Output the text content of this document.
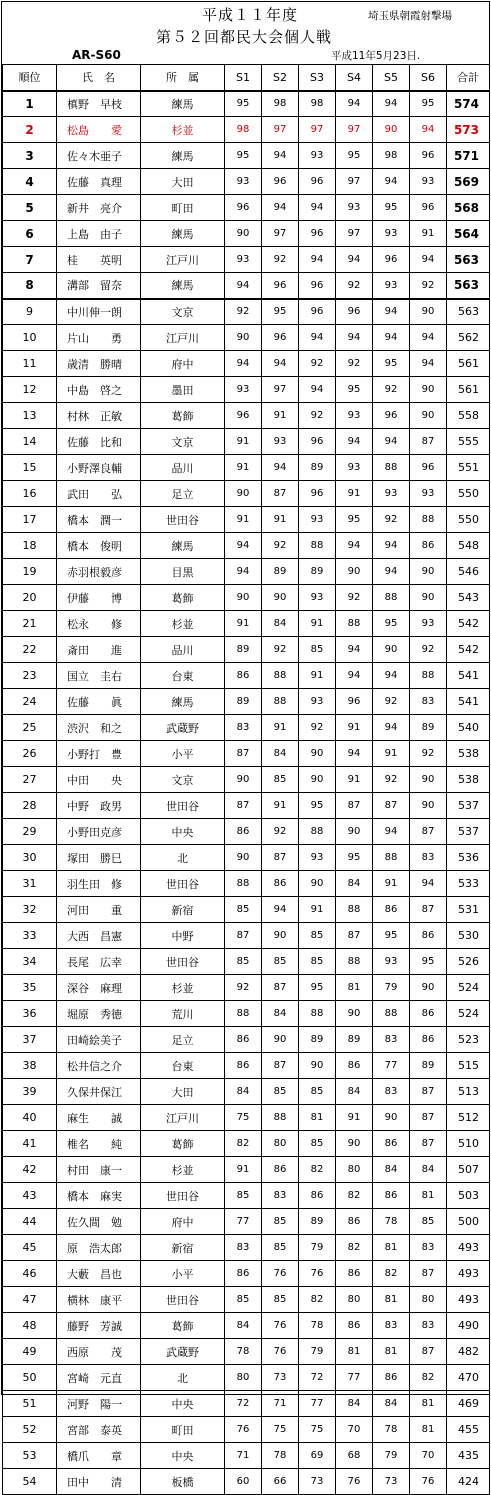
平成１１年度	埼玉県朝霞射撃場
第５２回都民大会個人戦
AR-S60	平成11年5月23日.
順位	氏　名	所　属	S1	S2	S3	S4	S5	S6	合計
1	槙野　早枝	練馬	95	98	98	94	94	95	574
2	松島　　愛	杉並	98	97	97	97	90	94	573
3	佐々木亜子	練馬	95	94	93	95	98	96	571
4	佐藤　真理	大田	93	96	96	97	94	93	569
5	新井　亮介	町田	96	94	94	93	95	96	568
6	上島　由子	練馬	90	97	96	97	93	91	564
7	桂　　英明	江戸川	93	92	94	94	96	94	563
8	溝部　留奈	練馬	94	96	96	92	93	92	563
9	中川伸一朗	文京	92	95	96	96	94	90	563
10	片山　　勇	江戸川	90	96	94	94	94	94	562
11	歳清　勝晴	府中	94	94	92	92	95	94	561
12	中島　啓之	墨田	93	97	94	95	92	90	561
13	村林　正敏	葛飾	96	91	92	93	96	90	558
14	佐藤　比和	文京	91	93	96	94	94	87	555
15	小野澤良輔	品川	91	94	89	93	88	96	551
16	武田　　弘	足立	90	87	96	91	93	93	550
17	橋本　潤一	世田谷	91	91	93	95	92	88	550
18	橋本　俊明	練馬	94	92	88	94	94	86	548
19	赤羽根毅彦	目黒	94	89	89	90	94	90	546
20	伊藤　　博	葛飾	90	90	93	92	88	90	543
21	松永　　修	杉並	91	84	91	88	95	93	542
22	斎田　　進	品川	89	92	85	94	90	92	542
23	国立　圭右	台東	86	88	91	94	94	88	541
24	佐藤　　眞	練馬	89	88	93	96	92	83	541
25	渋沢　和之	武蔵野	83	91	92	91	94	89	540
26	小野打　豊	小平	87	84	90	94	91	92	538
27	中田　　央	文京	90	85	90	91	92	90	538
28	中野　政男	世田谷	87	91	95	87	87	90	537
29	小野田克彦	中央	86	92	88	90	94	87	537
30	塚田　勝巳	北	90	87	93	95	88	83	536
31	羽生田　修	世田谷	88	86	90	84	91	94	533
32	河田　　重	新宿	85	94	91	88	86	87	531
33	大西　昌憲	中野	87	90	85	87	95	86	530
34	長尾　広幸	世田谷	85	85	85	88	93	95	526
35	深谷　麻理	杉並	92	87	95	81	79	90	524
36	堀原　秀徳	荒川	88	84	88	90	88	86	524
37	田崎絵美子	足立	86	90	89	89	83	86	523
38	松井信之介	台東	86	87	90	86	77	89	515
39	久保井保江	大田	84	85	85	84	83	87	513
40	麻生　　誠	江戸川	75	88	81	91	90	87	512
41	椎名　　純	葛飾	82	80	85	90	86	87	510
42	村田　康一	杉並	91	86	82	80	84	84	507
43	橋本　麻実	世田谷	85	83	86	82	86	81	503
44	佐久間　勉	府中	77	85	89	86	78	85	500
45	原　浩太郎	新宿	83	85	79	82	81	83	493
46	大藪　昌也	小平	86	76	76	86	82	87	493
47	横林　康平	世田谷	85	85	82	80	81	80	493
48	藤野　芳誠	葛飾	84	76	78	86	83	83	490
49	西原　　茂	武蔵野	78	76	79	81	81	87	482
50	宮崎　元直	北	80	73	72	77	86	82	470
51	河野　陽一	中央	72	71	77	84	84	81	469
52	宮部　泰英	町田	76	75	75	70	78	81	455
53	橋爪　　章	中央	71	78	69	68	79	70	435
54	田中　　清	板橋	60	66	73	76	73	76	424
